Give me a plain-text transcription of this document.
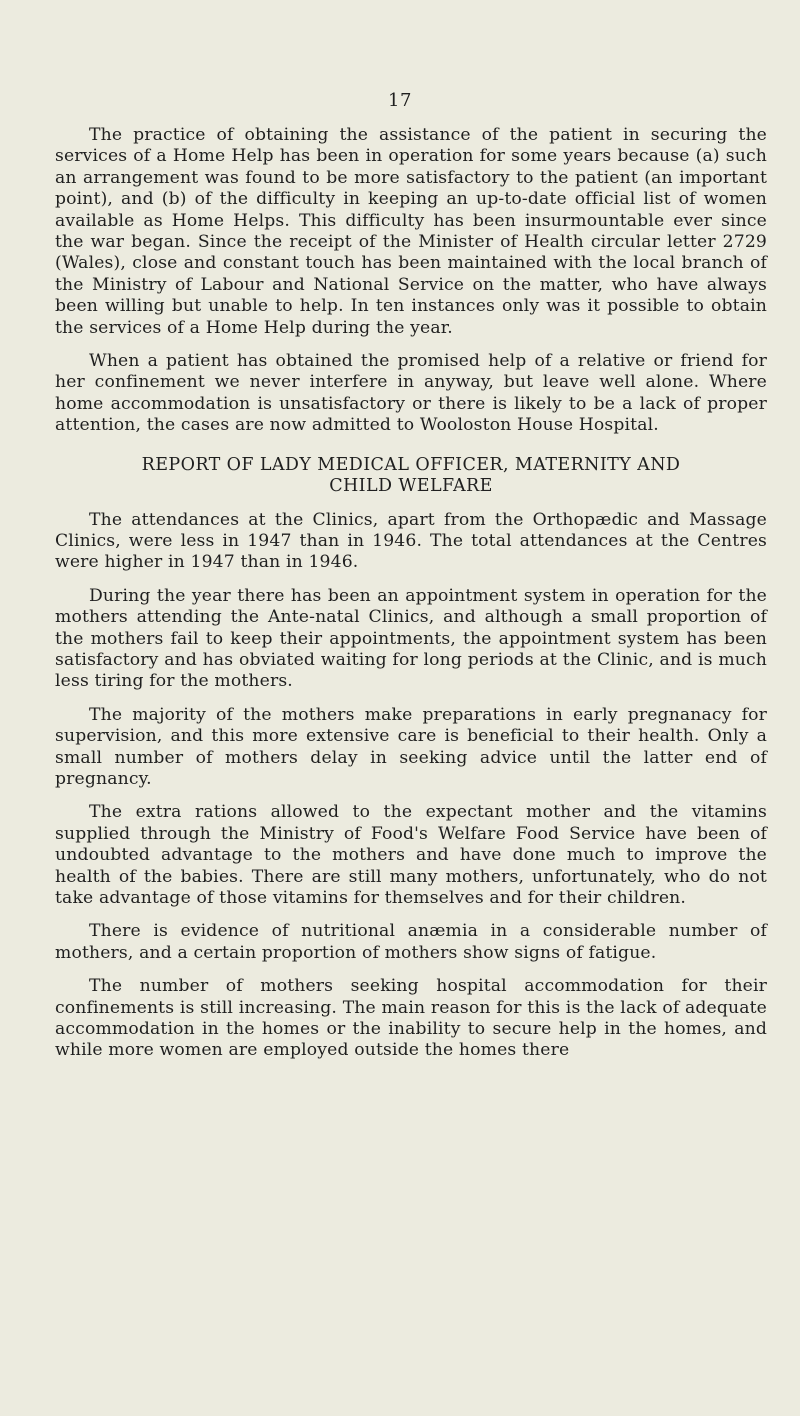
17

The practice of obtaining the assistance of the patient in securing the services of a Home Help has been in operation for some years because (a) such an arrangement was found to be more satisfactory to the patient (an important point), and (b) of the difficulty in keeping an up-to-date official list of women available as Home Helps. This difficulty has been insurmountable ever since the war began. Since the receipt of the Minister of Health circular letter 2729 (Wales), close and constant touch has been maintained with the local branch of the Ministry of Labour and National Service on the matter, who have always been willing but unable to help. In ten instances only was it possible to obtain the services of a Home Help during the year.

When a patient has obtained the promised help of a relative or friend for her confinement we never interfere in anyway, but leave well alone. Where home accommodation is unsatisfactory or there is likely to be a lack of proper attention, the cases are now admitted to Wooloston House Hospital.

REPORT OF LADY MEDICAL OFFICER, MATERNITY AND
CHILD WELFARE

The attendances at the Clinics, apart from the Orthopædic and Massage Clinics, were less in 1947 than in 1946. The total attendances at the Centres were higher in 1947 than in 1946.

During the year there has been an appointment system in operation for the mothers attending the Ante-natal Clinics, and although a small proportion of the mothers fail to keep their appointments, the appointment system has been satisfactory and has obviated waiting for long periods at the Clinic, and is much less tiring for the mothers.

The majority of the mothers make preparations in early pregnanacy for supervision, and this more extensive care is beneficial to their health. Only a small number of mothers delay in seeking advice until the latter end of pregnancy.

The extra rations allowed to the expectant mother and the vitamins supplied through the Ministry of Food's Welfare Food Service have been of undoubted advantage to the mothers and have done much to improve the health of the babies. There are still many mothers, unfortunately, who do not take advantage of those vitamins for themselves and for their children.

There is evidence of nutritional anæmia in a considerable number of mothers, and a certain proportion of mothers show signs of fatigue.

The number of mothers seeking hospital accommodation for their confinements is still increasing. The main reason for this is the lack of adequate accommodation in the homes or the inability to secure help in the homes, and while more women are employed outside the homes there
